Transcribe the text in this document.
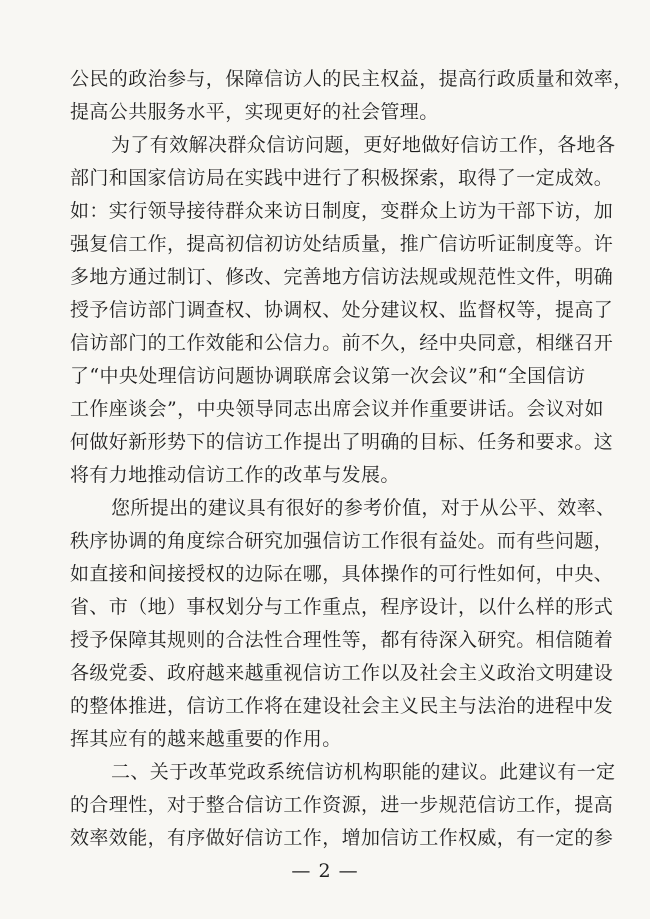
公民的政治参与，保障信访人的民主权益，提高行政质量和效率，
提高公共服务水平，实现更好的社会管理。
为了有效解决群众信访问题，更好地做好信访工作，各地各
部门和国家信访局在实践中进行了积极探索，取得了一定成效。
如：实行领导接待群众来访日制度，变群众上访为干部下访，加
强复信工作，提高初信初访处结质量，推广信访听证制度等。许
多地方通过制订、修改、完善地方信访法规或规范性文件，明确
授予信访部门调查权、协调权、处分建议权、监督权等，提高了
信访部门的工作效能和公信力。前不久，经中央同意，相继召开
了“中央处理信访问题协调联席会议第一次会议”和“全国信访
工作座谈会”，中央领导同志出席会议并作重要讲话。会议对如
何做好新形势下的信访工作提出了明确的目标、任务和要求。这
将有力地推动信访工作的改革与发展。
您所提出的建议具有很好的参考价值，对于从公平、效率、
秩序协调的角度综合研究加强信访工作很有益处。而有些问题，
如直接和间接授权的边际在哪，具体操作的可行性如何，中央、
省、市（地）事权划分与工作重点，程序设计，以什么样的形式
授予保障其规则的合法性合理性等，都有待深入研究。相信随着
各级党委、政府越来越重视信访工作以及社会主义政治文明建设
的整体推进，信访工作将在建设社会主义民主与法治的进程中发
挥其应有的越来越重要的作用。
二、关于改革党政系统信访机构职能的建议。此建议有一定
的合理性，对于整合信访工作资源，进一步规范信访工作，提高
效率效能，有序做好信访工作，增加信访工作权威，有一定的参
— 2 —
